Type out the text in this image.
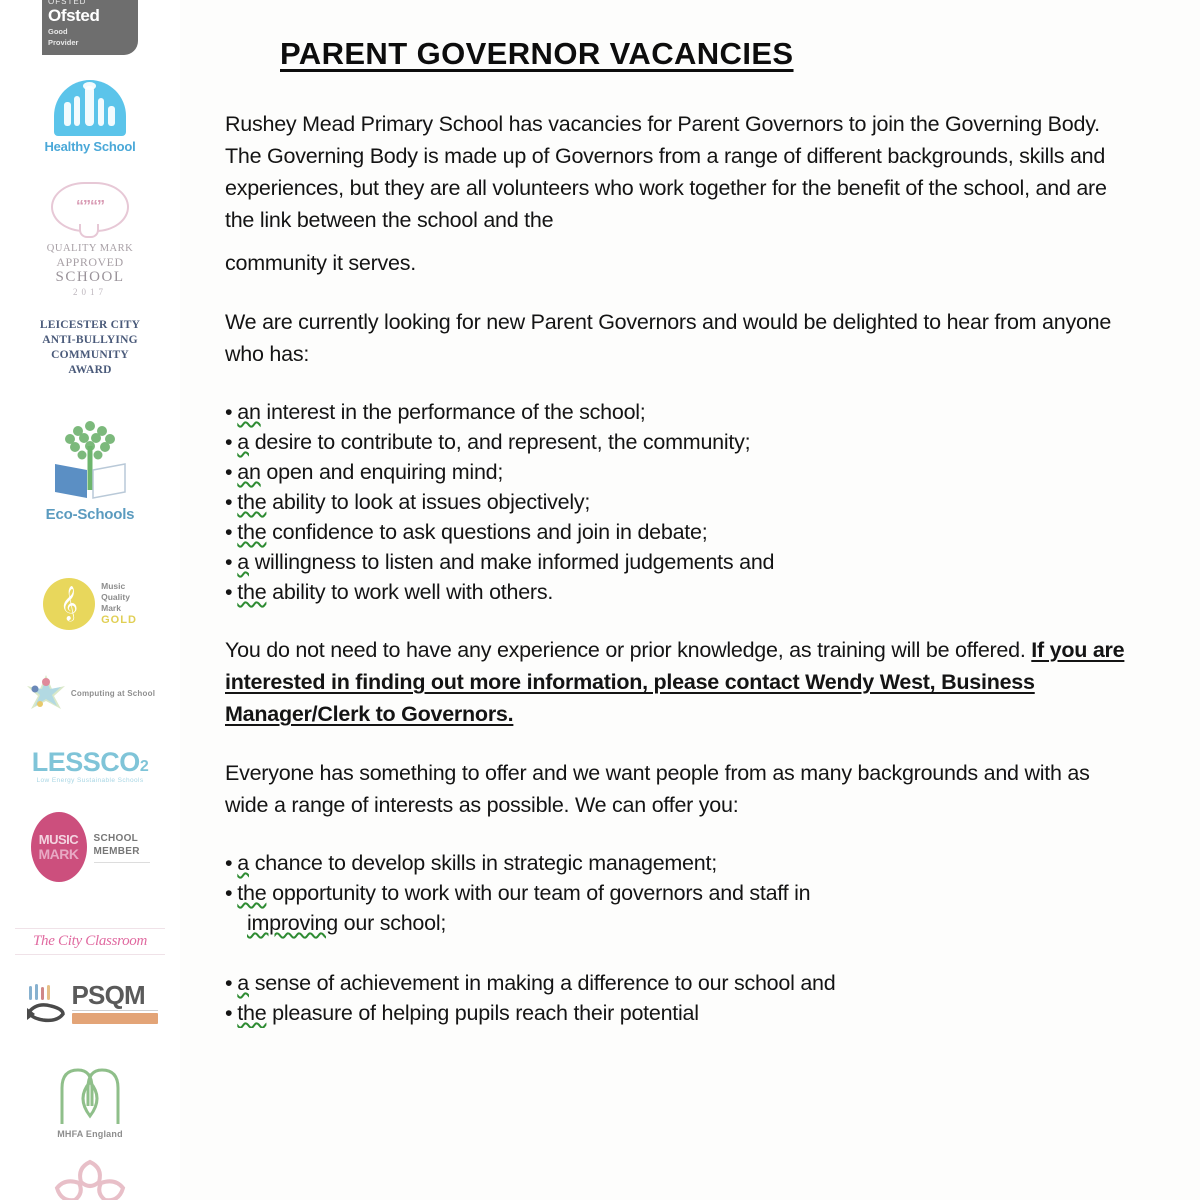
OFSTED
Ofsted
Good
Provider
Healthy School
“”“”
QUALITY MARK
APPROVED
SCHOOL
2017
LEICESTER CITY
ANTI-BULLYING
COMMUNITY
AWARD
Eco-Schools
𝄞
Music
Quality
Mark
GOLD
Computing at School
LESSCO 2
Low Energy Sustainable Schools
MUSIC
MARK
SCHOOL
MEMBER
The City Classroom
PSQM
MHFA England
PARENT GOVERNOR VACANCIES
Rushey Mead Primary School has vacancies for Parent Governors to join the Governing Body. The Governing Body is made up of Governors from a range of different backgrounds, skills and experiences, but they are all volunteers who work together for the benefit of the school, and are the link between the school and the
community it serves.
We are currently looking for new Parent Governors and would be delighted to hear from anyone who has:
• an interest in the performance of the school;
• a desire to contribute to, and represent, the community;
• an open and enquiring mind;
• the ability to look at issues objectively;
• the confidence to ask questions and join in debate;
• a willingness to listen and make informed judgements and
• the ability to work well with others.
You do not need to have any experience or prior knowledge, as training will be offered. If you are interested in finding out more information, please contact Wendy West, Business Manager/Clerk to Governors.
Everyone has something to offer and we want people from as many backgrounds and with as wide a range of interests as possible. We can offer you:
• a chance to develop skills in strategic management;
• the opportunity to work with our team of governors and staff in
improving our school;
• a sense of achievement in making a difference to our school and
• the pleasure of helping pupils reach their potential
